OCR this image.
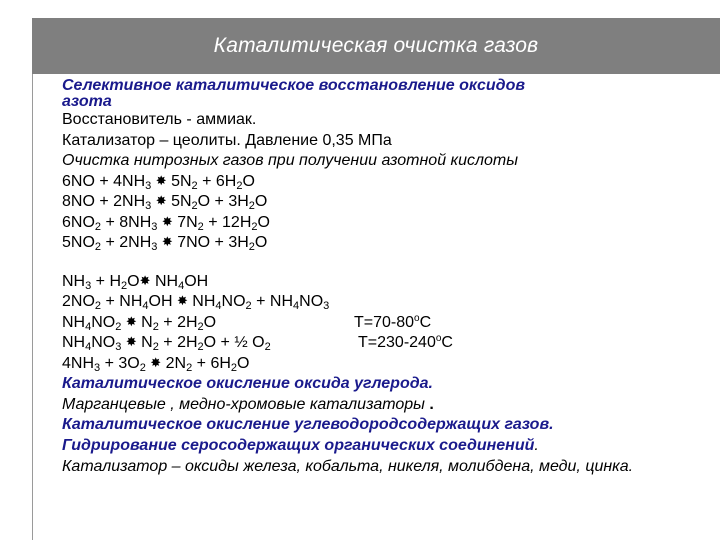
Каталитическая очистка газов
Селективное каталитическое восстановление оксидов
азота
Восстановитель - аммиак.
Катализатор – цеолиты. Давление 0,35 МПа
Очистка нитрозных газов при получении азотной кислоты
$6NO + 4NH_3$ ✸ $5N_2 + 6H_2O$
$8NO + 2NH_3$ ✸ $5N_2O + 3H_2O$
$6NO_2 + 8NH_3$ ✸ $7N_2 + 12H_2O$
$5NO_2 + 2NH_3$ ✸ $7NO + 3H_2O$
$NH_3$ + $H_2O✸$ $NH_4OH$
$2NO_2 + NH_4OH$ ✸ $NH_4NO_2 + NH_4NO_3$
$NH_4NO_2$ ✸ $N_2 + 2H_2O$	$Т=70-80^оС$
$NH_4NO_3$ ✸ $N_2 + 2H_2O$ + ½ $O_2$	$Т=230-240^оС$
$4NH_3 + 3O_2$ ✸ $2N_2 + 6H_2O$
Каталитическое окисление оксида углерода.
Марганцевые , медно-хромовые катализаторы .
Каталитическое окисление углеводородсодержащих газов.
Гидрирование серосодержащих органических соединений.
Катализатор – оксиды железа, кобальта, никеля, молибдена, меди, цинка.
